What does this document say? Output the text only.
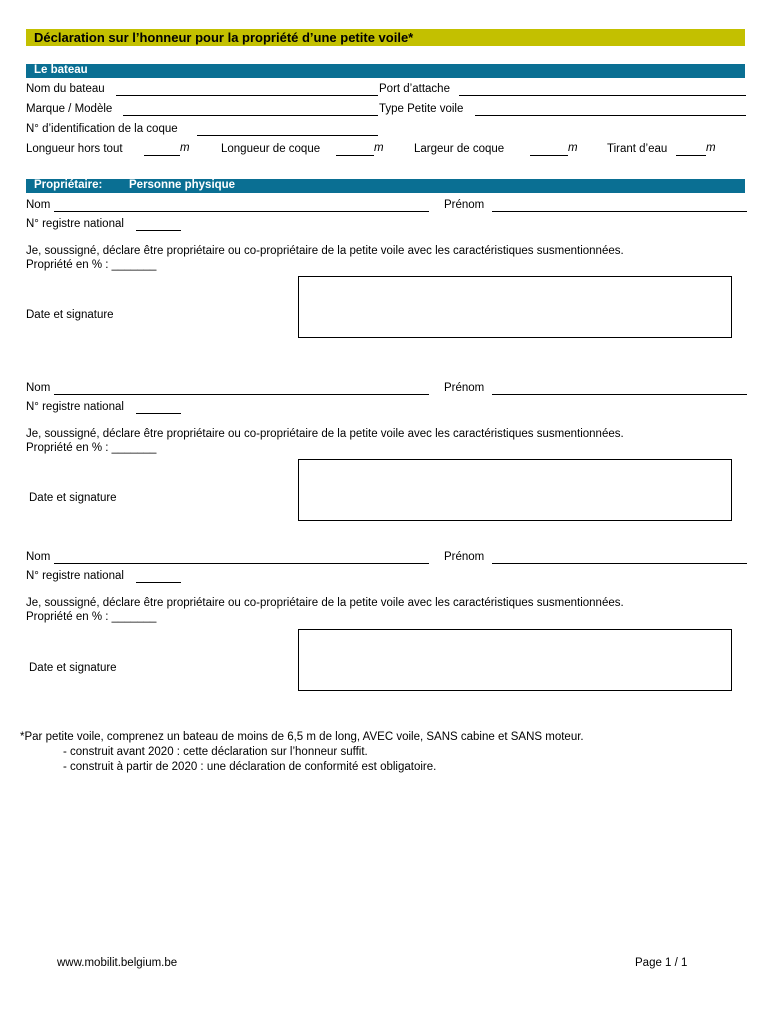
Déclaration sur l’honneur pour la propriété d’une petite voile*
Le bateau
Nom du bateau	Port d’attache
Marque / Modèle	Type Petite voile
N° d’identification de la coque
Longueur hors tout	m	Longueur de coque	m	Largeur de coque	m	Tirant d’eau	m
Propriétaire: Personne physique
Nom	Prénom
N° registre national
Je, soussigné, déclare être propriétaire ou co-propriétaire de la petite voile avec les caractéristiques susmentionnées.
Propriété en % : _______
Date et signature
Nom	Prénom
N° registre national
Je, soussigné, déclare être propriétaire ou co-propriétaire de la petite voile avec les caractéristiques susmentionnées.
Propriété en % : _______
Date et signature
Nom	Prénom
N° registre national
Je, soussigné, déclare être propriétaire ou co-propriétaire de la petite voile avec les caractéristiques susmentionnées.
Propriété en % : _______
Date et signature
*Par petite voile, comprenez un bateau de moins de 6,5 m de long, AVEC voile, SANS cabine et SANS moteur.
- construit avant 2020 : cette déclaration sur l’honneur suffit.
- construit à partir de 2020 : une déclaration de conformité est obligatoire.
www.mobilit.belgium.be	Page 1 / 1
